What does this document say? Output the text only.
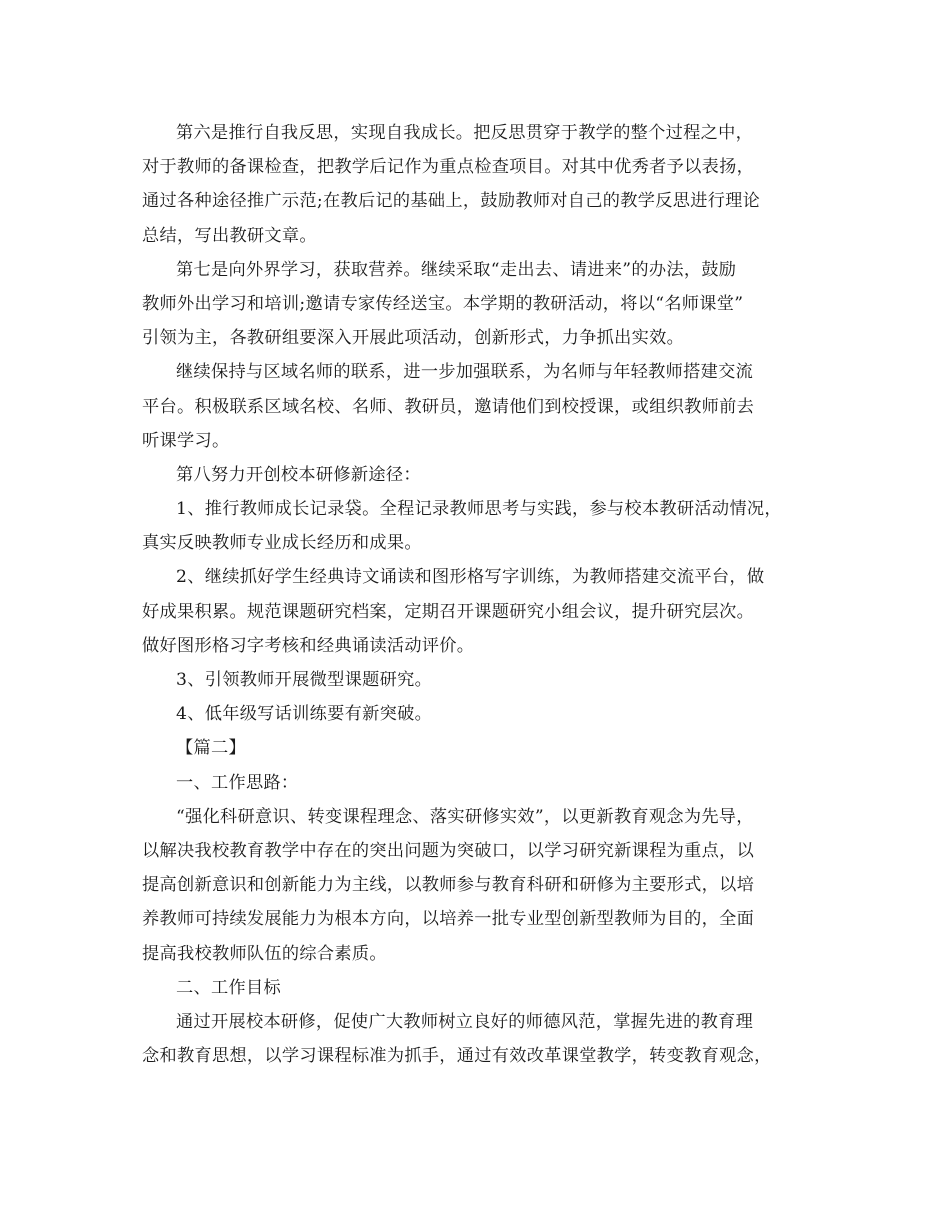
第六是推行自我反思，实现自我成长。把反思贯穿于教学的整个过程之中，
对于教师的备课检查，把教学后记作为重点检查项目。对其中优秀者予以表扬，
通过各种途径推广示范;在教后记的基础上，鼓励教师对自己的教学反思进行理论
总结，写出教研文章。
第七是向外界学习，获取营养。继续采取“走出去、请进来”的办法，鼓励
教师外出学习和培训;邀请专家传经送宝。本学期的教研活动，将以“名师课堂”
引领为主，各教研组要深入开展此项活动，创新形式，力争抓出实效。
继续保持与区域名师的联系，进一步加强联系，为名师与年轻教师搭建交流
平台。积极联系区域名校、名师、教研员，邀请他们到校授课，或组织教师前去
听课学习。
第八努力开创校本研修新途径：
1、推行教师成长记录袋。全程记录教师思考与实践，参与校本教研活动情况，
真实反映教师专业成长经历和成果。
2、继续抓好学生经典诗文诵读和图形格写字训练，为教师搭建交流平台，做
好成果积累。规范课题研究档案，定期召开课题研究小组会议，提升研究层次。
做好图形格习字考核和经典诵读活动评价。
3、引领教师开展微型课题研究。
4、低年级写话训练要有新突破。
【篇二】
一、工作思路：
“强化科研意识、转变课程理念、落实研修实效”，以更新教育观念为先导，
以解决我校教育教学中存在的突出问题为突破口，以学习研究新课程为重点，以
提高创新意识和创新能力为主线，以教师参与教育科研和研修为主要形式，以培
养教师可持续发展能力为根本方向，以培养一批专业型创新型教师为目的，全面
提高我校教师队伍的综合素质。
二、工作目标
通过开展校本研修，促使广大教师树立良好的师德风范，掌握先进的教育理
念和教育思想，以学习课程标准为抓手，通过有效改革课堂教学，转变教育观念，
